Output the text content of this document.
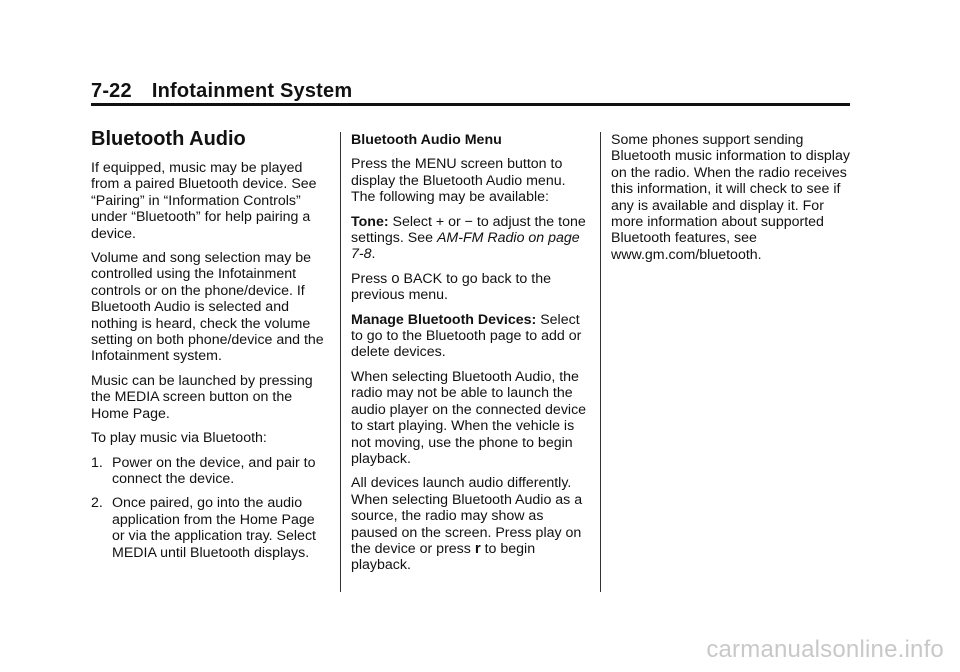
7-22 Infotainment System
Bluetooth Audio

If equipped, music may be played from a paired Bluetooth device. See “Pairing” in “Information Controls” under “Bluetooth” for help pairing a device.

Volume and song selection may be controlled using the Infotainment controls or on the phone/device. If Bluetooth Audio is selected and nothing is heard, check the volume setting on both phone/device and the Infotainment system.

Music can be launched by pressing the MEDIA screen button on the Home Page.

To play music via Bluetooth:

1. Power on the device, and pair to connect the device.
2. Once paired, go into the audio application from the Home Page or via the application tray. Select MEDIA until Bluetooth displays.

Bluetooth Audio Menu

Press the MENU screen button to display the Bluetooth Audio menu. The following may be available:

Tone: Select + or − to adjust the tone settings. See AM-FM Radio on page 7-8.

Press o BACK to go back to the previous menu.

Manage Bluetooth Devices: Select to go to the Bluetooth page to add or delete devices.

When selecting Bluetooth Audio, the radio may not be able to launch the audio player on the connected device to start playing. When the vehicle is not moving, use the phone to begin playback.

All devices launch audio differently. When selecting Bluetooth Audio as a source, the radio may show as paused on the screen. Press play on the device or press r to begin playback.

Some phones support sending Bluetooth music information to display on the radio. When the radio receives this information, it will check to see if any is available and display it. For more information about supported Bluetooth features, see www.gm.com/bluetooth.

carmanualsonline.info
